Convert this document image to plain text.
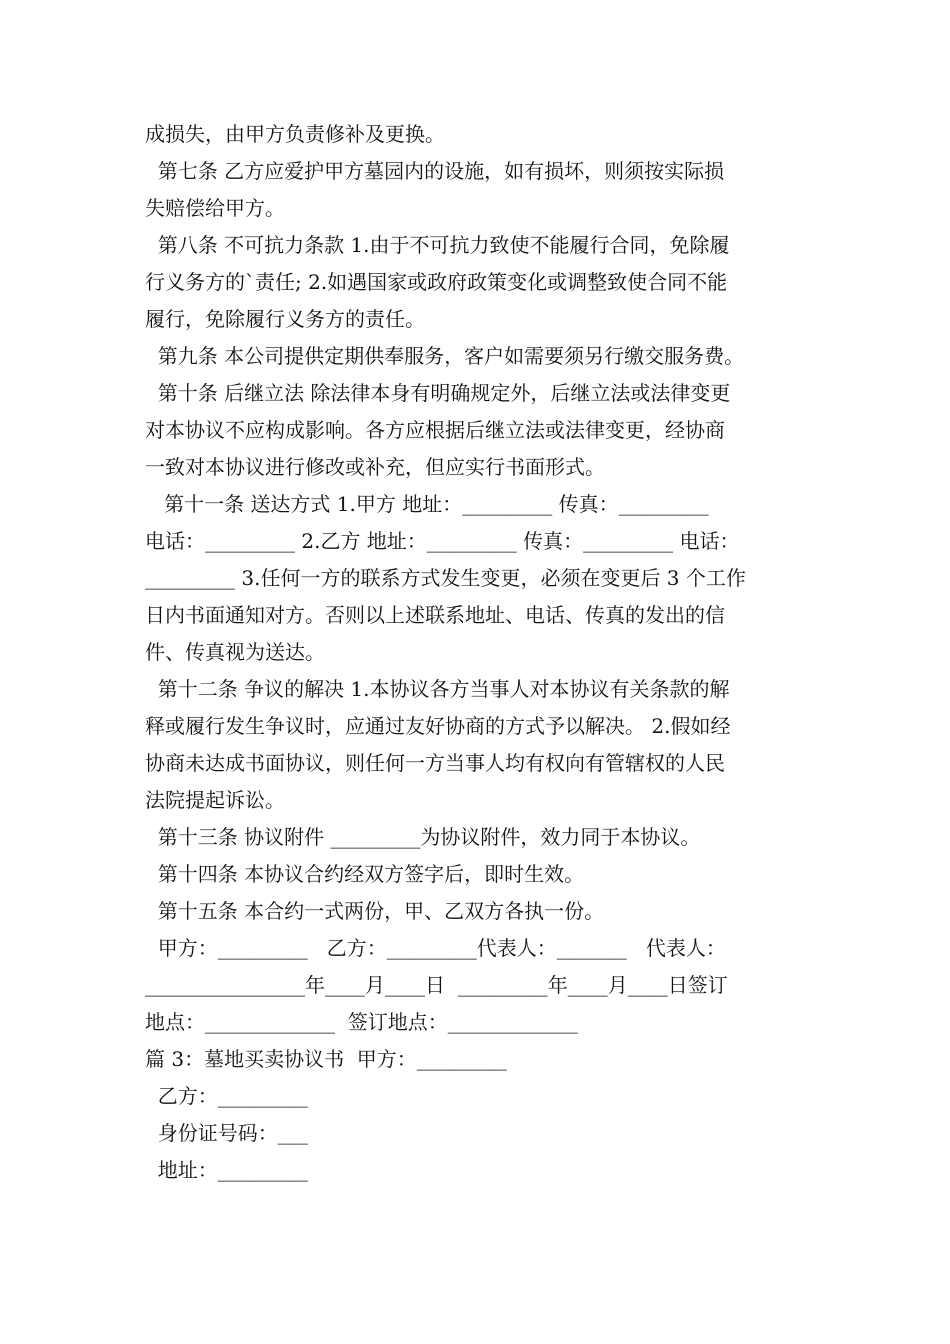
成损失，由甲方负责修补及更换。
第七条 乙方应爱护甲方墓园内的设施，如有损坏，则须按实际损
失赔偿给甲方。
第八条 不可抗力条款 1.由于不可抗力致使不能履行合同，免除履
行义务方的`责任; 2.如遇国家或政府政策变化或调整致使合同不能
履行，免除履行义务方的责任。
第九条 本公司提供定期供奉服务，客户如需要须另行缴交服务费。
第十条 后继立法 除法律本身有明确规定外，后继立法或法律变更
对本协议不应构成影响。各方应根据后继立法或法律变更，经协商
一致对本协议进行修改或补充，但应实行书面形式。
第十一条 送达方式 1.甲方 地址：_________ 传真：_________
电话：_________ 2.乙方 地址：_________ 传真：_________ 电话：
_________ 3.任何一方的联系方式发生变更，必须在变更后 3 个工作
日内书面通知对方。否则以上述联系地址、电话、传真的发出的信
件、传真视为送达。
第十二条 争议的解决 1.本协议各方当事人对本协议有关条款的解
释或履行发生争议时，应通过友好协商的方式予以解决。 2.假如经
协商未达成书面协议，则任何一方当事人均有权向有管辖权的人民
法院提起诉讼。
第十三条 协议附件 _________为协议附件，效力同于本协议。
第十四条 本协议合约经双方签字后，即时生效。
第十五条 本合约一式两份，甲、乙双方各执一份。
甲方：_________   乙方：_________代表人：_______   代表人：
________________年____月____日  _________年____月____日签订
地点：_____________  签订地点：_____________
篇 3：墓地买卖协议书  甲方：_________
乙方：_________
身份证号码：___
地址：_________
